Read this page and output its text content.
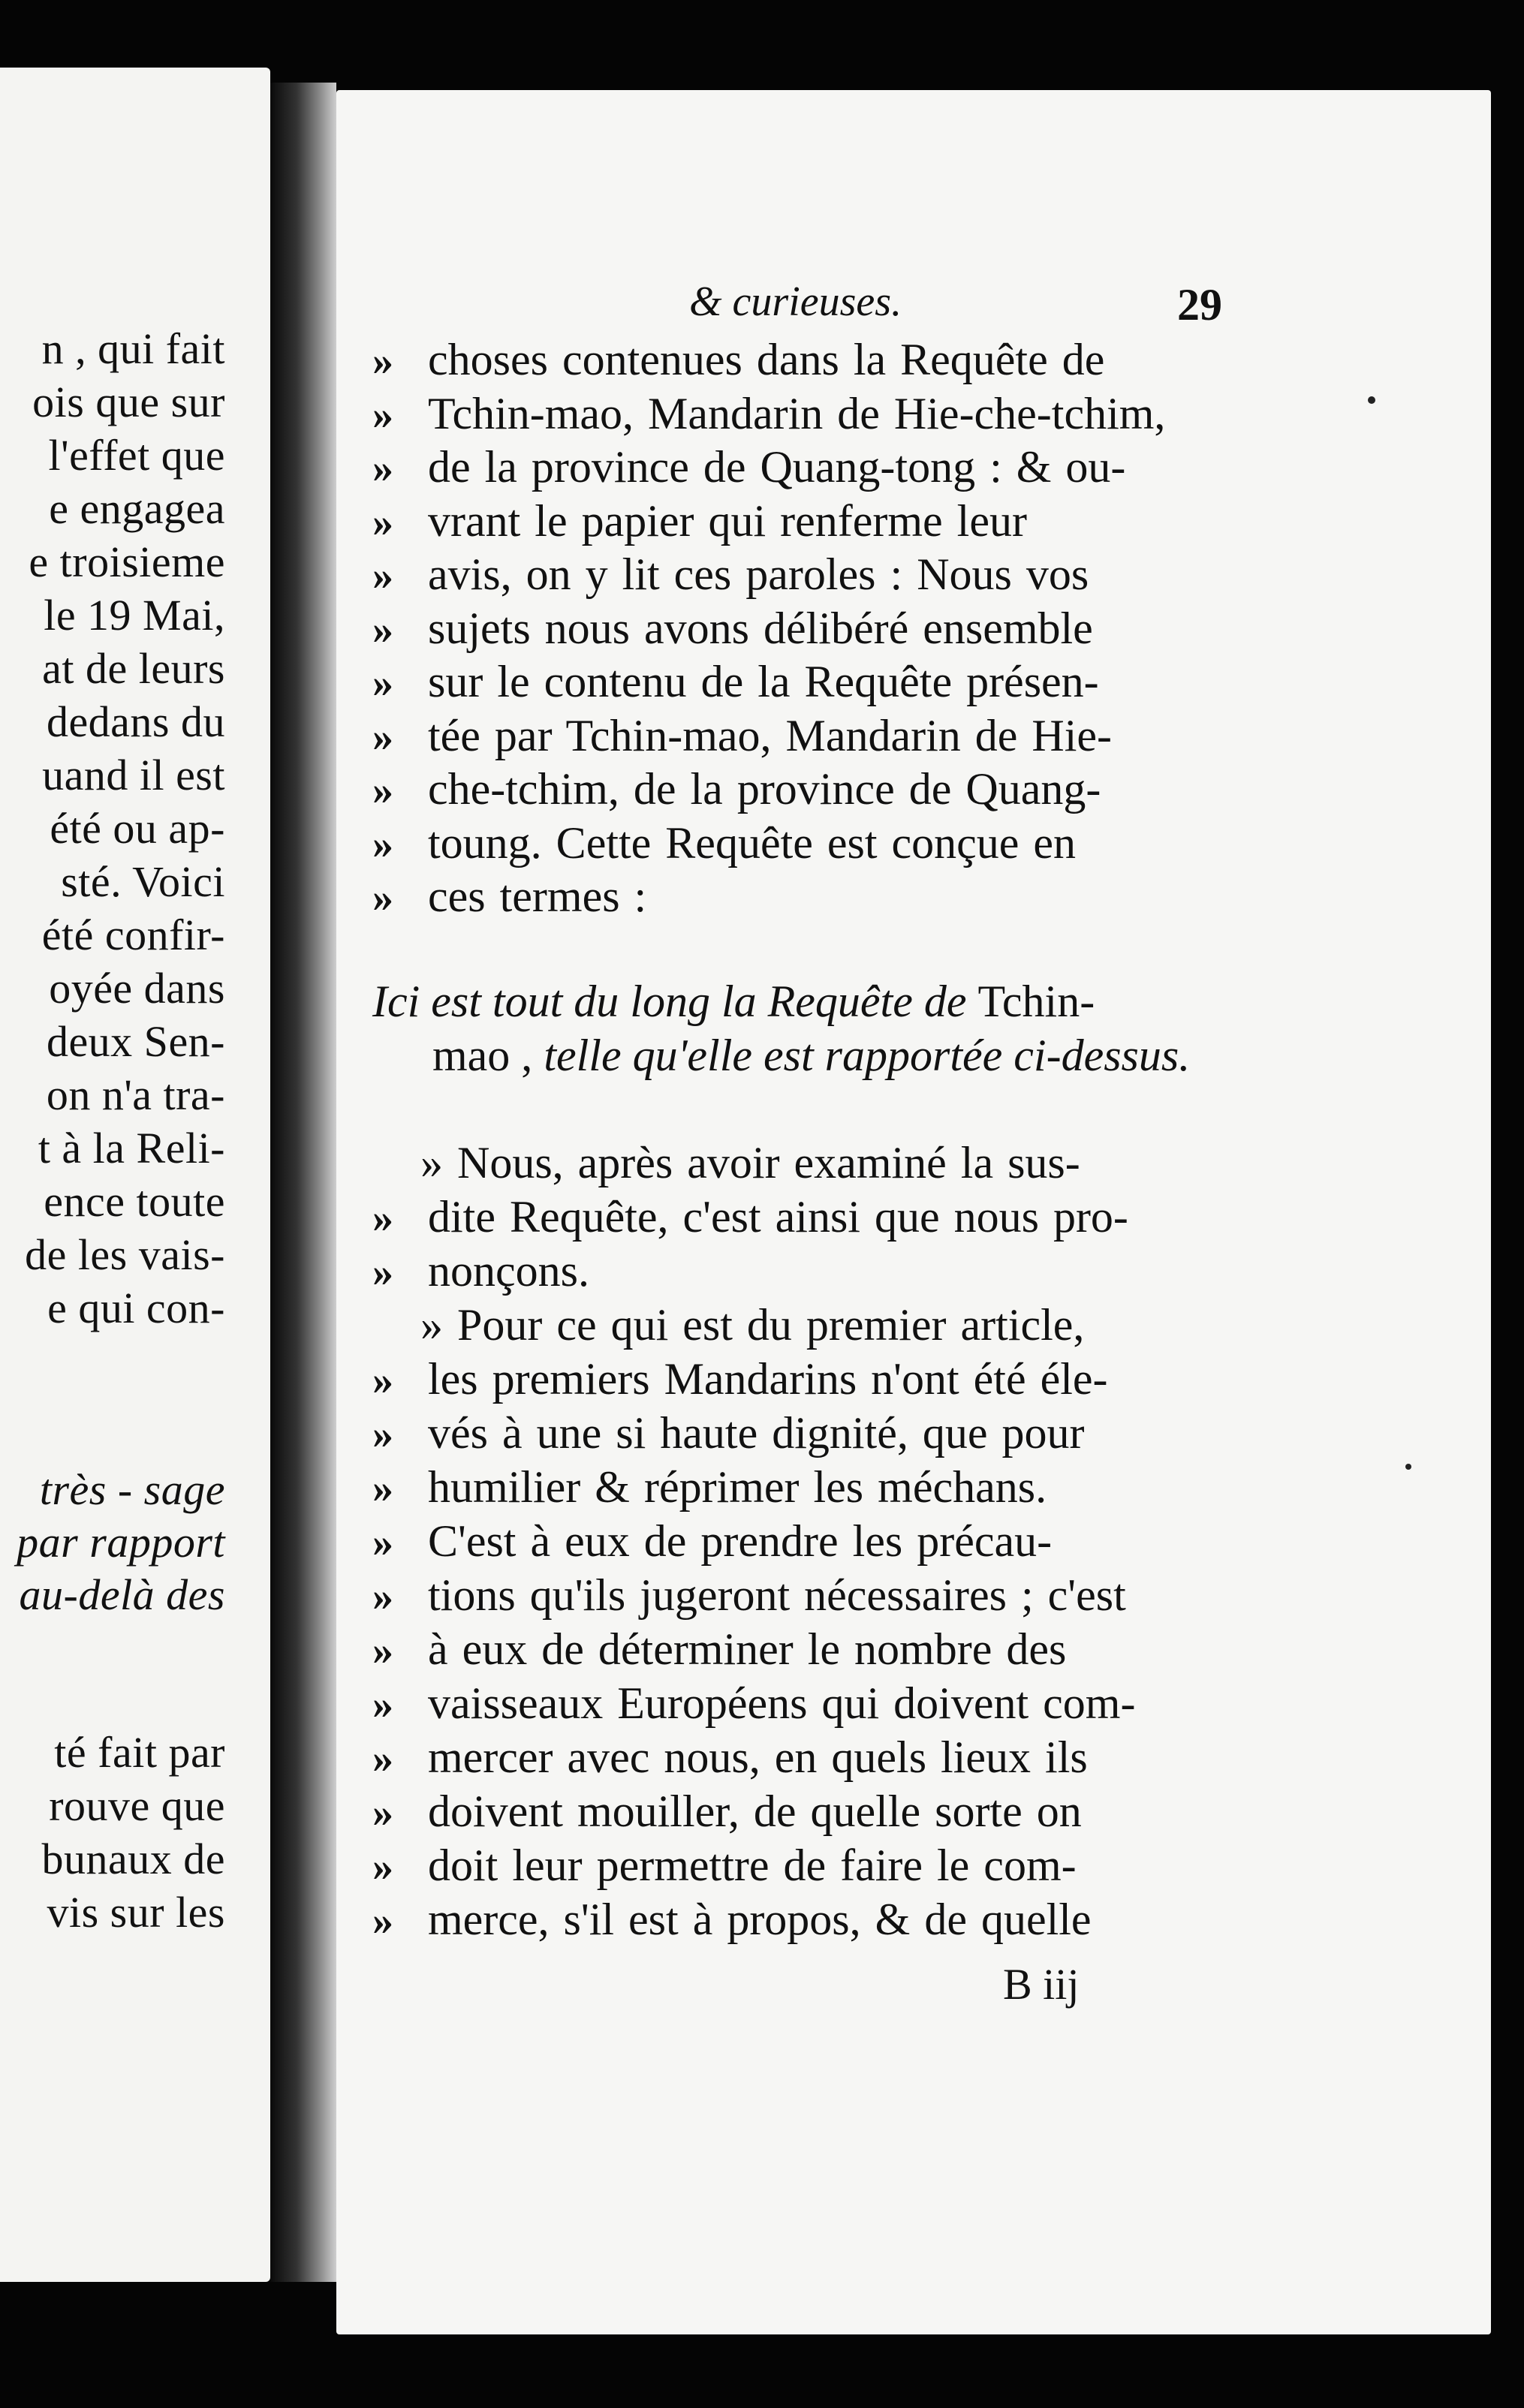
n , qui fait
ois que sur
l'effet que
e engagea
e troisieme
le 19 Mai,
at de leurs
dedans du
uand il est
été ou ap-
sté. Voici
été confir-
oyée dans
deux Sen-
on n'a tra-
t à la Reli-
ence toute
de les vais-
e qui con-
très - sage
par rapport
au-delà des
té fait par
rouve que
bunaux de
vis sur les
& curieuses.	29
» choses contenues dans la Requête de
» Tchin-mao, Mandarin de Hie-che-tchim,
» de la province de Quang-tong : & ou-
» vrant le papier qui renferme leur
» avis, on y lit ces paroles : Nous vos
» sujets nous avons délibéré ensemble
» sur le contenu de la Requête présen-
» tée par Tchin-mao, Mandarin de Hie-
» che-tchim, de la province de Quang-
» toung. Cette Requête est conçue en
» ces termes :
Ici est tout du long la Requête de Tchin-
mao , telle qu'elle est rapportée ci-dessus.
» Nous, après avoir examiné la sus-
» dite Requête, c'est ainsi que nous pro-
» nonçons.
» Pour ce qui est du premier article,
» les premiers Mandarins n'ont été éle-
» vés à une si haute dignité, que pour
» humilier & réprimer les méchans.
» C'est à eux de prendre les précau-
» tions qu'ils jugeront nécessaires ; c'est
» à eux de déterminer le nombre des
» vaisseaux Européens qui doivent com-
» mercer avec nous, en quels lieux ils
» doivent mouiller, de quelle sorte on
» doit leur permettre de faire le com-
» merce, s'il est à propos, & de quelle
B iij
